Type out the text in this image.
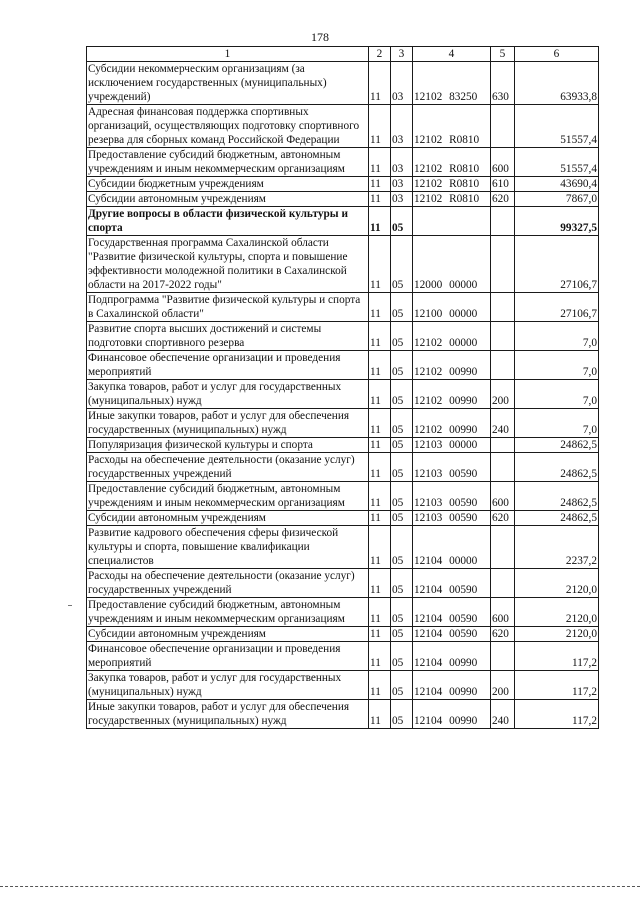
178
1	2	3	4	5	6
Субсидии некоммерческим организациям (за исключением государственных (муниципальных) учреждений)	11	03	12102 83250	630	63933,8
Адресная финансовая поддержка спортивных организаций, осуществляющих подготовку спортивного резерва для сборных команд Российской Федерации	11	03	12102 R0810		51557,4
Предоставление субсидий бюджетным, автономным учреждениям и иным некоммерческим организациям	11	03	12102 R0810	600	51557,4
Субсидии бюджетным учреждениям	11	03	12102 R0810	610	43690,4
Субсидии автономным учреждениям	11	03	12102 R0810	620	7867,0
Другие вопросы в области физической культуры и спорта	11	05			99327,5
Государственная программа Сахалинской области "Развитие физической культуры, спорта и повышение эффективности молодежной политики в Сахалинской области на 2017-2022 годы"	11	05	12000 00000		27106,7
Подпрограмма "Развитие физической культуры и спорта в Сахалинской области"	11	05	12100 00000		27106,7
Развитие спорта высших достижений и системы подготовки спортивного резерва	11	05	12102 00000		7,0
Финансовое обеспечение организации и проведения мероприятий	11	05	12102 00990		7,0
Закупка товаров, работ и услуг для государственных (муниципальных) нужд	11	05	12102 00990	200	7,0
Иные закупки товаров, работ и услуг для обеспечения государственных (муниципальных) нужд	11	05	12102 00990	240	7,0
Популяризация физической культуры и спорта	11	05	12103 00000		24862,5
Расходы на обеспечение деятельности (оказание услуг) государственных учреждений	11	05	12103 00590		24862,5
Предоставление субсидий бюджетным, автономным учреждениям и иным некоммерческим организациям	11	05	12103 00590	600	24862,5
Субсидии автономным учреждениям	11	05	12103 00590	620	24862,5
Развитие кадрового обеспечения сферы физической культуры и спорта, повышение квалификации специалистов	11	05	12104 00000		2237,2
Расходы на обеспечение деятельности (оказание услуг) государственных учреждений	11	05	12104 00590		2120,0
Предоставление субсидий бюджетным, автономным учреждениям и иным некоммерческим организациям	11	05	12104 00590	600	2120,0
Субсидии автономным учреждениям	11	05	12104 00590	620	2120,0
Финансовое обеспечение организации и проведения мероприятий	11	05	12104 00990		117,2
Закупка товаров, работ и услуг для государственных (муниципальных) нужд	11	05	12104 00990	200	117,2
Иные закупки товаров, работ и услуг для обеспечения государственных (муниципальных) нужд	11	05	12104 00990	240	117,2
